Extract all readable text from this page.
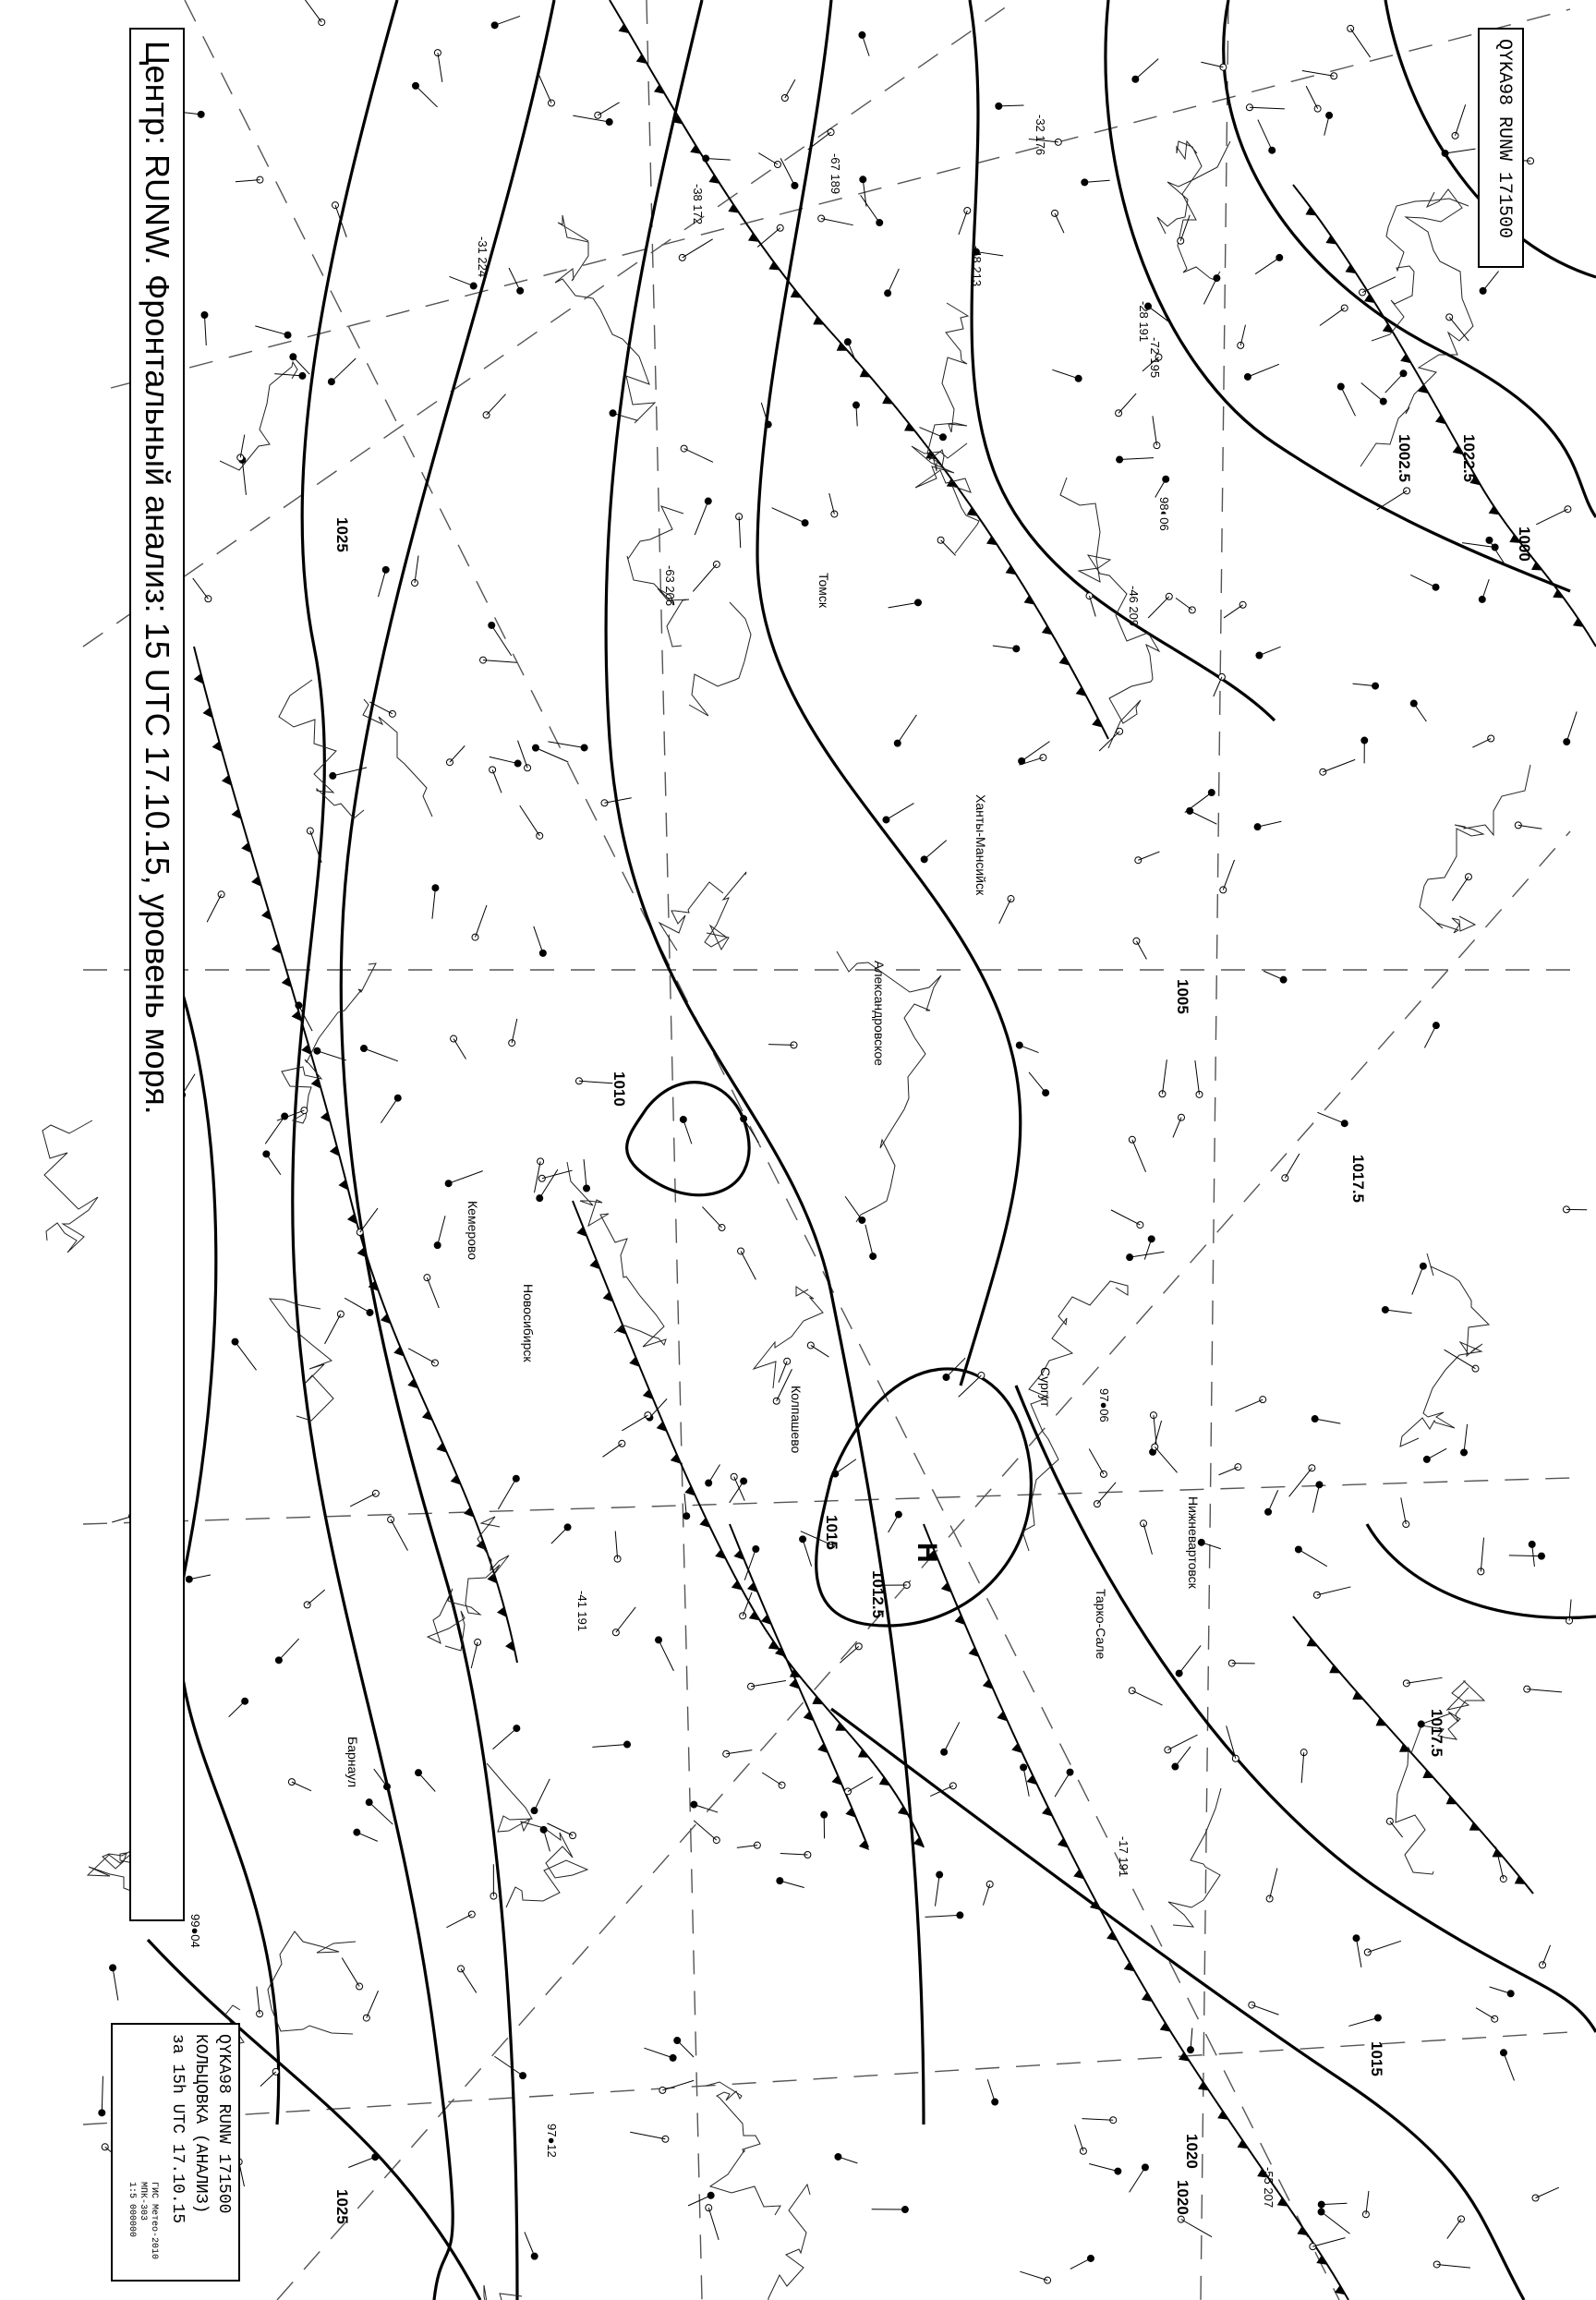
Центр: RUNW. Фронтальный анализ: 15 UTC 17.10.15, уровень моря.	QYKA98 RUNW 171500
QYKA98 RUNW 171500
КОЛЬЦОВКА (АНАЛИЗ)
за 15h UTC 17.10.15
ГИС Метео-2010
МПК-303
1:5 000000
1025
1022.5
1020
1017.5
1015
1012.5
1010
1005
1002.5
1000
1017.5
1015
1020
1025
Н
Александровское
Новосибирск
Кемерово
Томск
Барнаул
Колпашево
Ханты-Мансийск
Сургут
Тарко-Сале
Нижневартовск
97●06
-28 191
98◐06
-46 209
-55 207
-67 189
97●12
-31 224
99●04
-72 195
-41 191
-32 176
-38 172
-63 206
-17 191
-48 213
